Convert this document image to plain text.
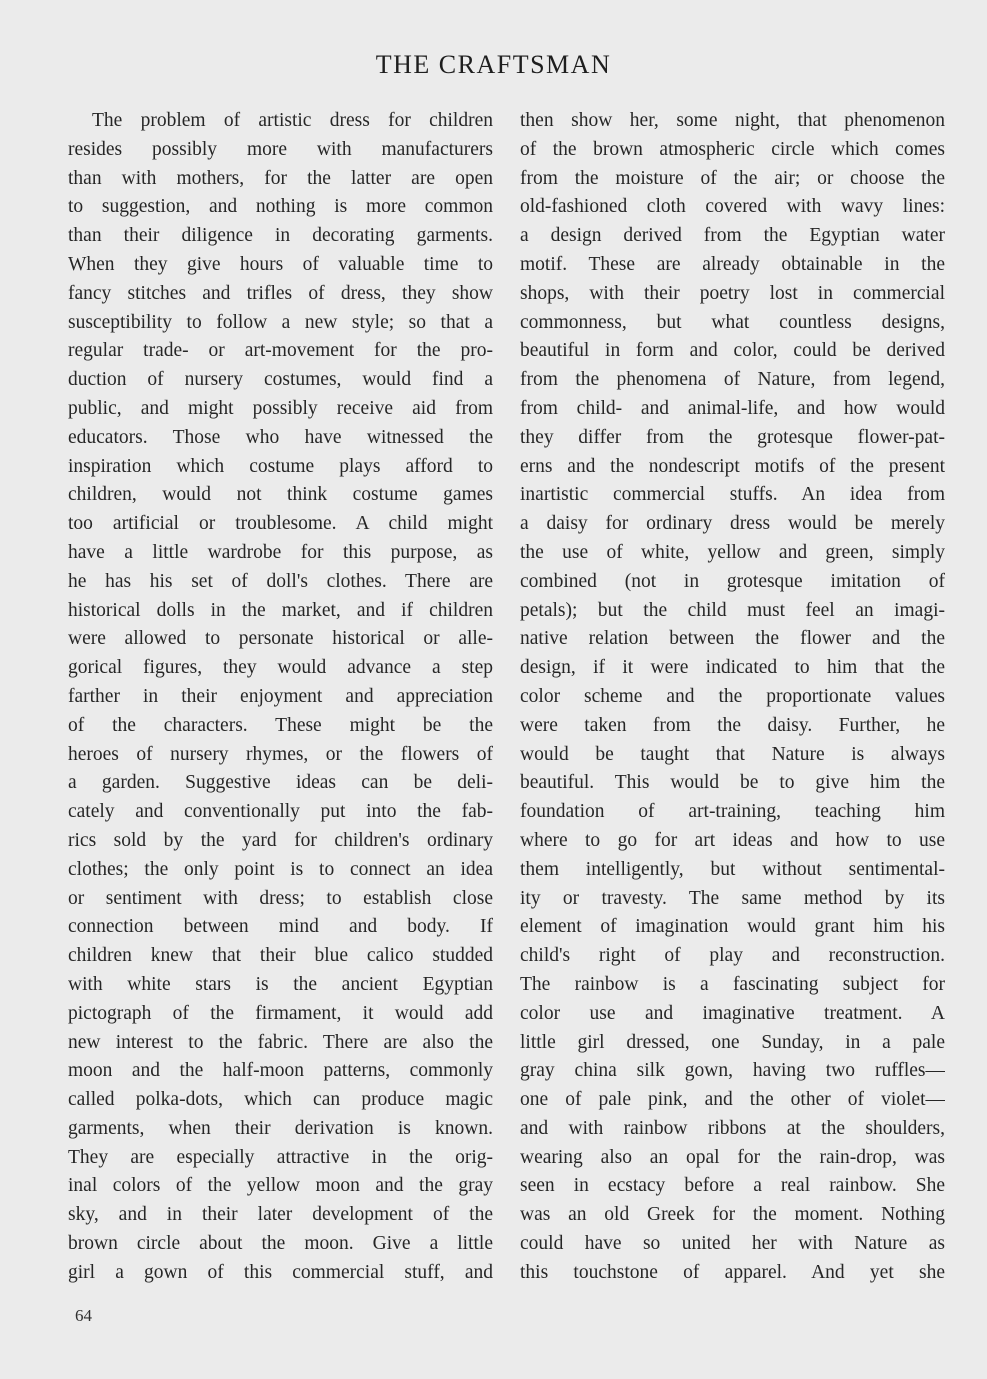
THE CRAFTSMAN
The problem of artistic dress for children
resides possibly more with manufacturers
than with mothers, for the latter are open
to suggestion, and nothing is more common
than their diligence in decorating garments.
When they give hours of valuable time to
fancy stitches and trifles of dress, they show
susceptibility to follow a new style; so that a
regular trade- or art-movement for the pro-
duction of nursery costumes, would find a
public, and might possibly receive aid from
educators. Those who have witnessed the
inspiration which costume plays afford to
children, would not think costume games
too artificial or troublesome. A child might
have a little wardrobe for this purpose, as
he has his set of doll's clothes. There are
historical dolls in the market, and if children
were allowed to personate historical or alle-
gorical figures, they would advance a step
farther in their enjoyment and appreciation
of the characters. These might be the
heroes of nursery rhymes, or the flowers of
a garden. Suggestive ideas can be deli-
cately and conventionally put into the fab-
rics sold by the yard for children's ordinary
clothes; the only point is to connect an idea
or sentiment with dress; to establish close
connection between mind and body. If
children knew that their blue calico studded
with white stars is the ancient Egyptian
pictograph of the firmament, it would add
new interest to the fabric. There are also the
moon and the half-moon patterns, commonly
called polka-dots, which can produce magic
garments, when their derivation is known.
They are especially attractive in the orig-
inal colors of the yellow moon and the gray
sky, and in their later development of the
brown circle about the moon. Give a little
girl a gown of this commercial stuff, and
then show her, some night, that phenomenon
of the brown atmospheric circle which comes
from the moisture of the air; or choose the
old-fashioned cloth covered with wavy lines:
a design derived from the Egyptian water
motif. These are already obtainable in the
shops, with their poetry lost in commercial
commonness, but what countless designs,
beautiful in form and color, could be derived
from the phenomena of Nature, from legend,
from child- and animal-life, and how would
they differ from the grotesque flower-pat-
erns and the nondescript motifs of the present
inartistic commercial stuffs. An idea from
a daisy for ordinary dress would be merely
the use of white, yellow and green, simply
combined (not in grotesque imitation of
petals); but the child must feel an imagi-
native relation between the flower and the
design, if it were indicated to him that the
color scheme and the proportionate values
were taken from the daisy. Further, he
would be taught that Nature is always
beautiful. This would be to give him the
foundation of art-training, teaching him
where to go for art ideas and how to use
them intelligently, but without sentimental-
ity or travesty. The same method by its
element of imagination would grant him his
child's right of play and reconstruction.
The rainbow is a fascinating subject for
color use and imaginative treatment. A
little girl dressed, one Sunday, in a pale
gray china silk gown, having two ruffles—
one of pale pink, and the other of violet—
and with rainbow ribbons at the shoulders,
wearing also an opal for the rain-drop, was
seen in ecstacy before a real rainbow. She
was an old Greek for the moment. Nothing
could have so united her with Nature as
this touchstone of apparel. And yet she
64
